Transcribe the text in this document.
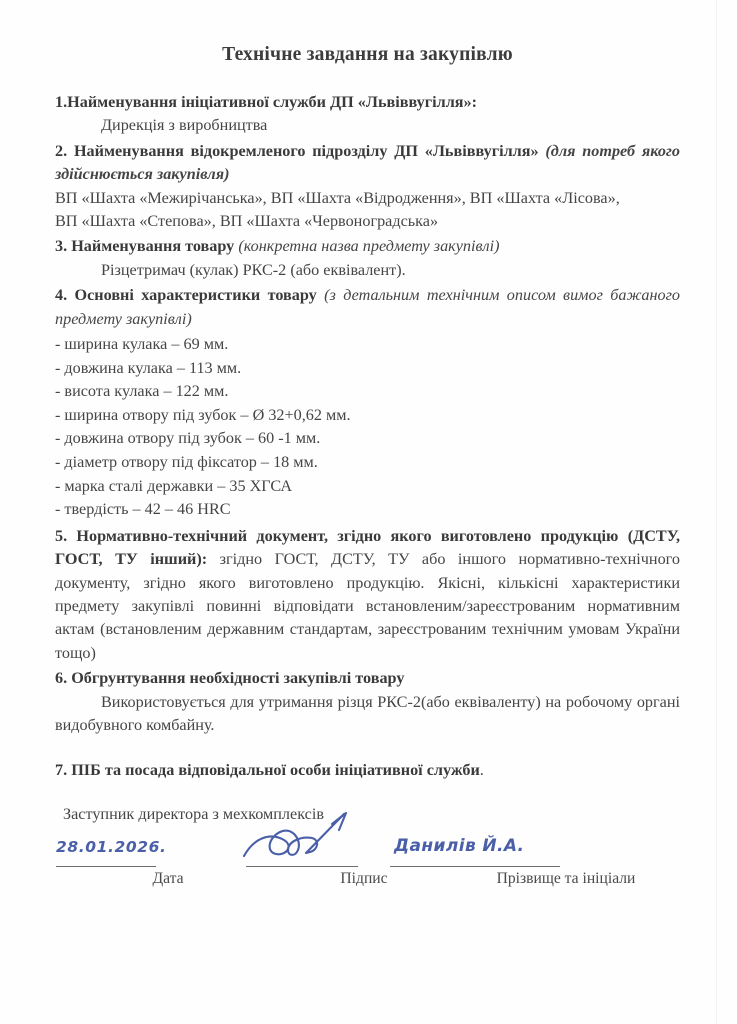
Технічне завдання на закупівлю

1.Найменування ініціативної служби ДП «Львіввугілля»:

Дирекція з виробництва

2. Найменування відокремленого підрозділу ДП «Львіввугілля» (для потреб якого здійснюється закупівля)

ВП «Шахта «Межирічанська», ВП «Шахта «Відродження», ВП «Шахта «Лісова»,

ВП «Шахта «Степова», ВП «Шахта «Червоноградська»

3. Найменування товару (конкретна назва предмету закупівлі)

Різцетримач (кулак) РКС-2 (або еквівалент).

4. Основні характеристики товару (з детальним технічним описом вимог бажаного предмету закупівлі)

- ширина кулака – 69 мм.

- довжина кулака – 113 мм.

- висота кулака – 122 мм.

- ширина отвору під зубок – Ø 32+0,62 мм.

- довжина отвору під зубок – 60 -1 мм.

- діаметр отвору під фіксатор – 18 мм.

- марка сталі державки – 35 ХГСА

- твердість – 42 – 46 HRC

5. Нормативно-технічний документ, згідно якого виготовлено продукцію (ДСТУ, ГОСТ, ТУ інший): згідно ГОСТ, ДСТУ, ТУ або іншого нормативно-технічного документу, згідно якого виготовлено продукцію. Якісні, кількісні характеристики предмету закупівлі повинні відповідати встановленим/зареєстрованим нормативним актам (встановленим державним стандартам, зареєстрованим технічним умовам України тощо)

6. Обгрунтування необхідності закупівлі товару

Використовується для утримання різця РКС-2(або еквіваленту) на робочому органі видобувного комбайну.

7. ПІБ та посада відповідальної особи ініціативної служби.

Заступник директора з мехкомплексів

28.01.2026.
Дата	Підпис
Данилів Й.А.
Прізвище та ініціали
